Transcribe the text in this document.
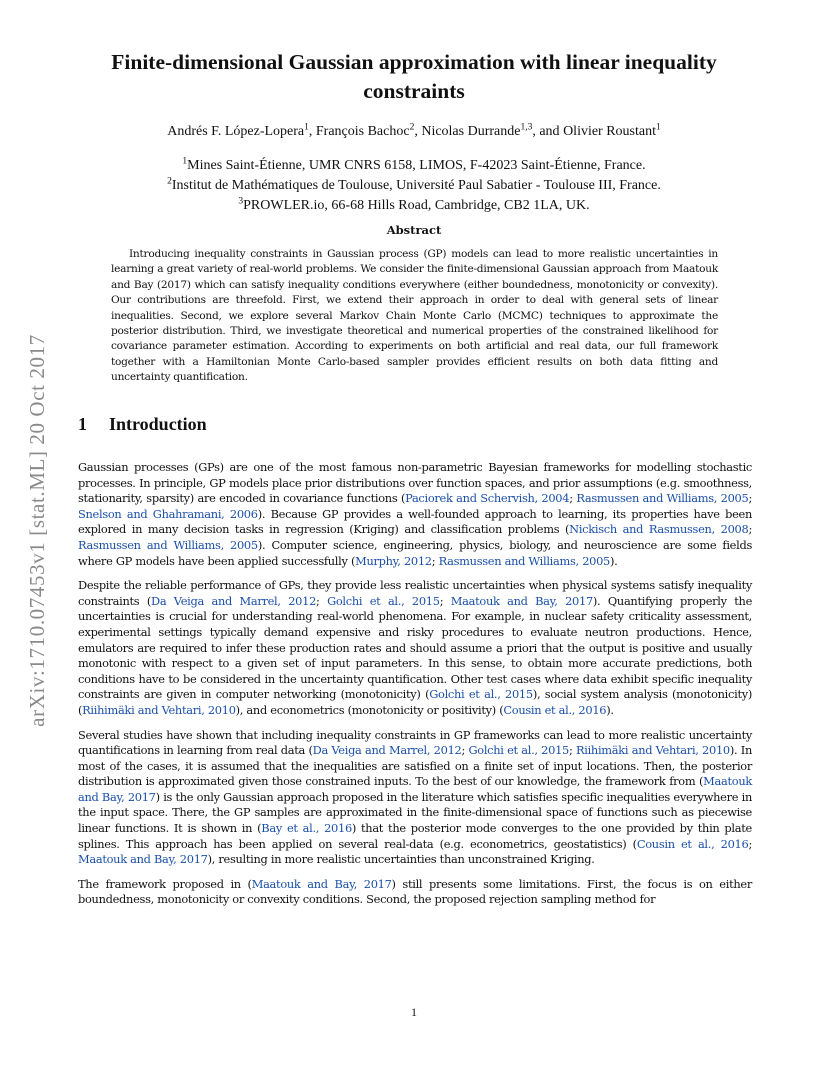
arXiv:1710.07453v1 [stat.ML] 20 Oct 2017
Finite-dimensional Gaussian approximation with linear inequality constraints
Andrés F. López-Lopera$^1$, François Bachoc$^2$, Nicolas Durrande$^{1,3}$, and Olivier Roustant$^1$
$^1$Mines Saint-Étienne, UMR CNRS 6158, LIMOS, F-42023 Saint-Étienne, France.
$^2$Institut de Mathématiques de Toulouse, Université Paul Sabatier - Toulouse III, France.
$^3$PROWLER.io, 66-68 Hills Road, Cambridge, CB2 1LA, UK.
Abstract

Introducing inequality constraints in Gaussian process (GP) models can lead to more realistic uncertainties in learning a great variety of real-world problems. We consider the finite-dimensional Gaussian approach from Maatouk and Bay (2017) which can satisfy inequality conditions everywhere (either boundedness, monotonicity or convexity). Our contributions are threefold. First, we extend their approach in order to deal with general sets of linear inequalities. Second, we explore several Markov Chain Monte Carlo (MCMC) techniques to approximate the posterior distribution. Third, we investigate theoretical and numerical properties of the constrained likelihood for covariance parameter estimation. According to experiments on both artificial and real data, our full framework together with a Hamiltonian Monte Carlo-based sampler provides efficient results on both data fitting and uncertainty quantification.

1 Introduction

Gaussian processes (GPs) are one of the most famous non-parametric Bayesian frameworks for modelling stochastic processes. In principle, GP models place prior distributions over function spaces, and prior assumptions (e.g. smoothness, stationarity, sparsity) are encoded in covariance functions (Paciorek and Schervish, 2004; Rasmussen and Williams, 2005; Snelson and Ghahramani, 2006). Because GP provides a well-founded approach to learning, its properties have been explored in many decision tasks in regression (Kriging) and classification problems (Nickisch and Rasmussen, 2008; Rasmussen and Williams, 2005). Computer science, engineering, physics, biology, and neuroscience are some fields where GP models have been applied successfully (Murphy, 2012; Rasmussen and Williams, 2005).

Despite the reliable performance of GPs, they provide less realistic uncertainties when physical systems satisfy inequality constraints (Da Veiga and Marrel, 2012; Golchi et al., 2015; Maatouk and Bay, 2017). Quantifying properly the uncertainties is crucial for understanding real-world phenomena. For example, in nuclear safety criticality assessment, experimental settings typically demand expensive and risky procedures to evaluate neutron productions. Hence, emulators are required to infer these production rates and should assume a priori that the output is positive and usually monotonic with respect to a given set of input parameters. In this sense, to obtain more accurate predictions, both conditions have to be considered in the uncertainty quantification. Other test cases where data exhibit specific inequality constraints are given in computer networking (monotonicity) (Golchi et al., 2015), social system analysis (monotonicity) (Riihimäki and Vehtari, 2010), and econometrics (monotonicity or positivity) (Cousin et al., 2016).

Several studies have shown that including inequality constraints in GP frameworks can lead to more realistic uncertainty quantifications in learning from real data (Da Veiga and Marrel, 2012; Golchi et al., 2015; Riihimäki and Vehtari, 2010). In most of the cases, it is assumed that the inequalities are satisfied on a finite set of input locations. Then, the posterior distribution is approximated given those constrained inputs. To the best of our knowledge, the framework from (Maatouk and Bay, 2017) is the only Gaussian approach proposed in the literature which satisfies specific inequalities everywhere in the input space. There, the GP samples are approximated in the finite-dimensional space of functions such as piecewise linear functions. It is shown in (Bay et al., 2016) that the posterior mode converges to the one provided by thin plate splines. This approach has been applied on several real-data (e.g. econometrics, geostatistics) (Cousin et al., 2016; Maatouk and Bay, 2017), resulting in more realistic uncertainties than unconstrained Kriging.

The framework proposed in (Maatouk and Bay, 2017) still presents some limitations. First, the focus is on either boundedness, monotonicity or convexity conditions. Second, the proposed rejection sampling method for

1
